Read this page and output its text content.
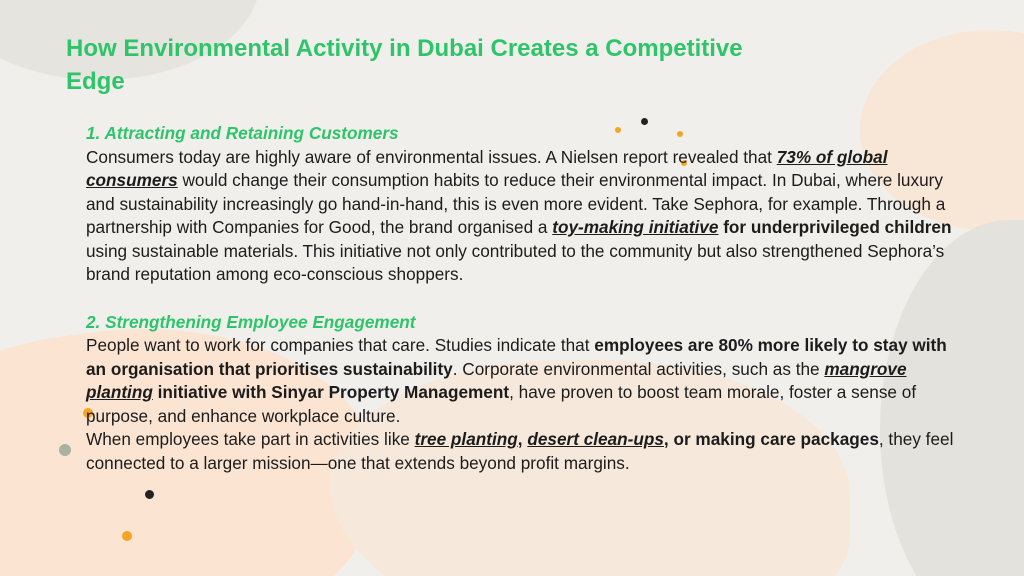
How Environmental Activity in Dubai Creates a Competitive Edge
1. Attracting and Retaining Customers

Consumers today are highly aware of environmental issues. A Nielsen report revealed that 73% of global consumers would change their consumption habits to reduce their environmental impact. In Dubai, where luxury and sustainability increasingly go hand-in-hand, this is even more evident. Take Sephora, for example. Through a partnership with Companies for Good, the brand organised a toy-making initiative for underprivileged children using sustainable materials. This initiative not only contributed to the community but also strengthened Sephora’s brand reputation among eco-conscious shoppers.

2. Strengthening Employee Engagement

People want to work for companies that care. Studies indicate that employees are 80% more likely to stay with an organisation that prioritises sustainability. Corporate environmental activities, such as the mangrove planting initiative with Sinyar Property Management, have proven to boost team morale, foster a sense of purpose, and enhance workplace culture.

When employees take part in activities like tree planting, desert clean-ups, or making care packages, they feel connected to a larger mission—one that extends beyond profit margins.
